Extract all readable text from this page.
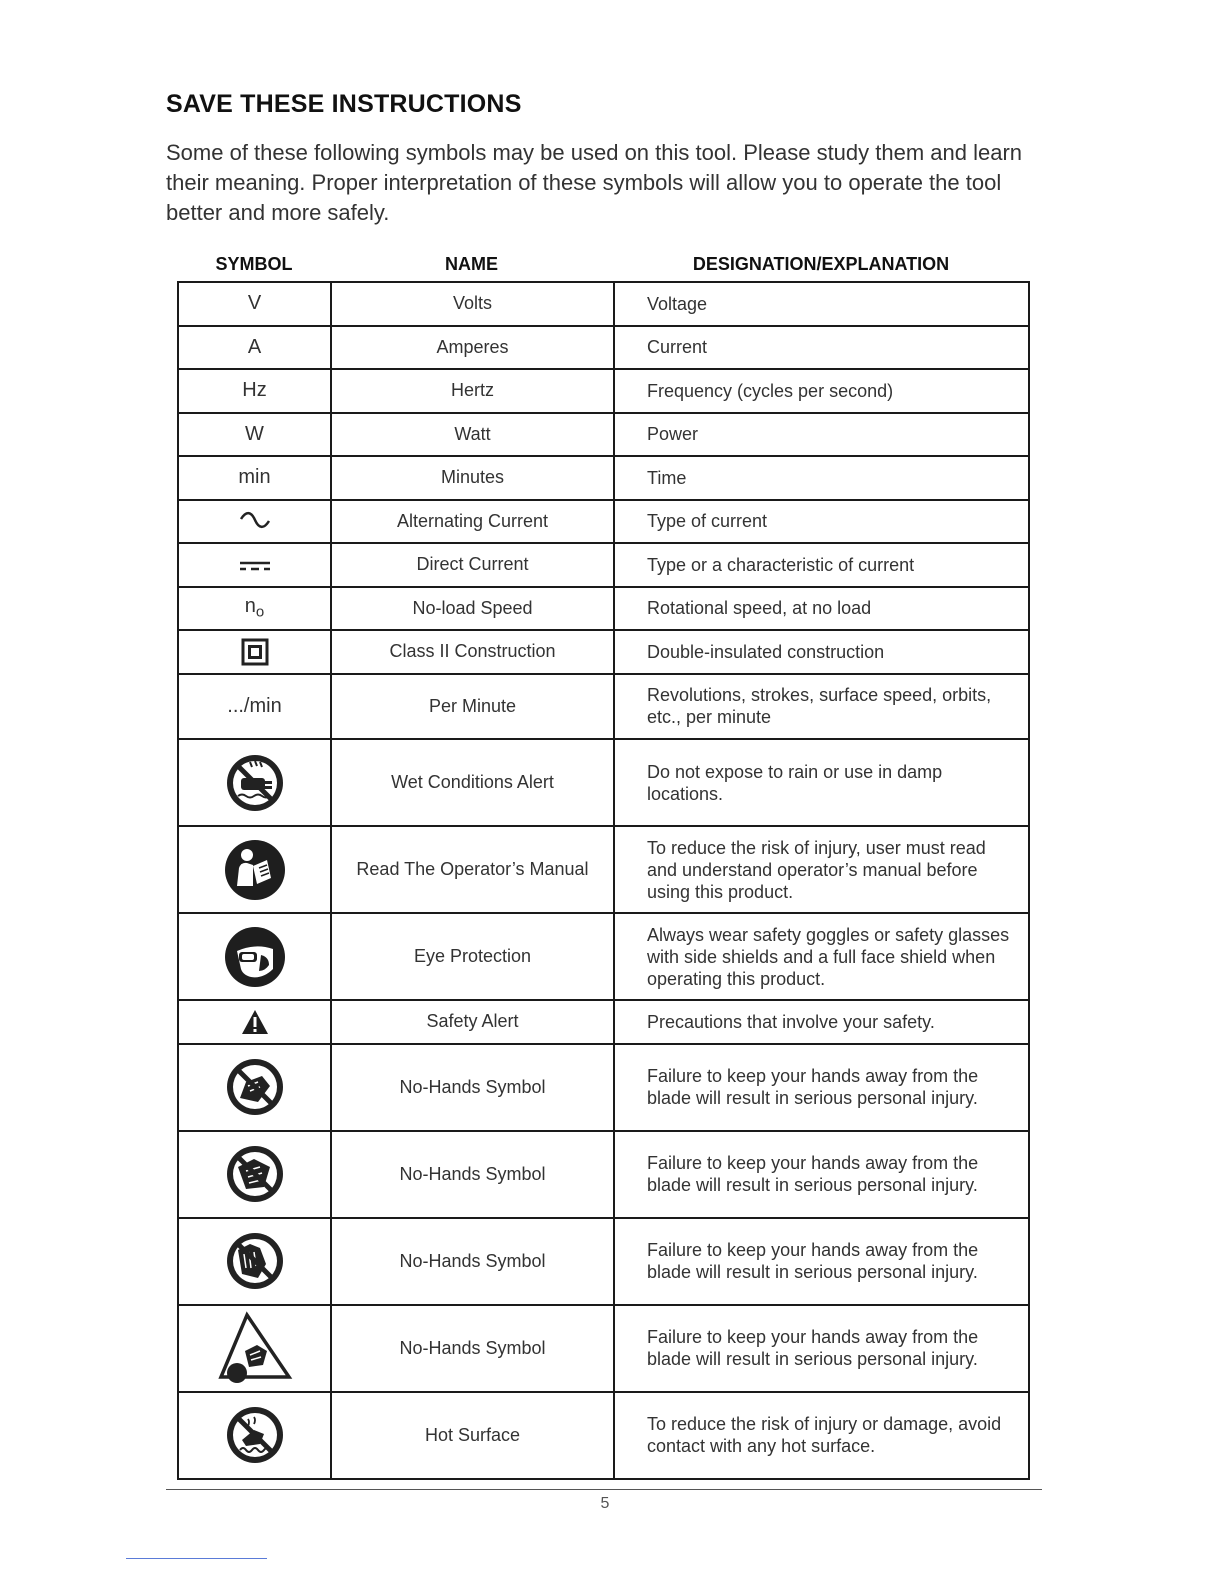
SAVE THESE INSTRUCTIONS
Some of these following symbols may be used on this tool. Please study them and learn their meaning. Proper interpretation of these symbols will allow you to operate the tool better and more safely.
SYMBOL	NAME	DESIGNATION/EXPLANATION
V	Volts	Voltage
A	Amperes	Current
Hz	Hertz	Frequency (cycles per second)
W	Watt	Power
min	Minutes	Time
	Alternating Current	Type of current
	Direct Current	Type or a characteristic of current
$n_o$	No-load Speed	Rotational speed, at no load
	Class II Construction	Double-insulated construction
.../min	Per Minute	Revolutions, strokes, surface speed, orbits, etc., per minute
	Wet Conditions Alert	Do not expose to rain or use in damp locations.
	Read The Operator’s Manual	To reduce the risk of injury, user must read and understand operator’s manual before using this product.
	Eye Protection	Always wear safety goggles or safety glasses with side shields and a full face shield when operating this product.
	Safety Alert	Precautions that involve your safety.
	No-Hands Symbol	Failure to keep your hands away from the blade will result in serious personal injury.
	No-Hands Symbol	Failure to keep your hands away from the blade will result in serious personal injury.
	No-Hands Symbol	Failure to keep your hands away from the blade will result in serious personal injury.
	No-Hands Symbol	Failure to keep your hands away from the blade will result in serious personal injury.
	Hot Surface	To reduce the risk of injury or damage, avoid contact with any hot surface.
5
